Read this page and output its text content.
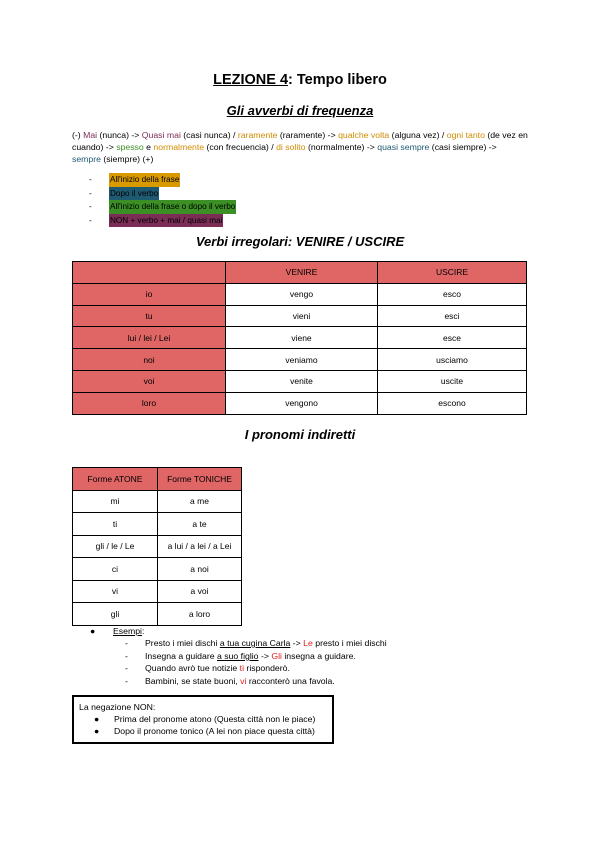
LEZIONE 4: Tempo libero
Gli avverbi di frequenza
(-) Mai (nunca) -> Quasi mai (casi nunca) / raramente (raramente) -> qualche volta (alguna vez) / ogni tanto (de vez en cuando) -> spesso e normalmente (con frecuencia) / di solito (normalmente) -> quasi sempre (casi siempre) -> sempre (siempre) (+)
-	All'inizio della frase
-	Dopo il verbo
-	All'inizio della frase o dopo il verbo
-	NON + verbo + mai / quasi mai
Verbi irregolari: VENIRE / USCIRE
	VENIRE	USCIRE
io	vengo	esco
tu	vieni	esci
lui / lei / Lei	viene	esce
noi	veniamo	usciamo
voi	venite	uscite
loro	vengono	escono
I pronomi indiretti
Forme ATONE	Forme TONICHE
mi	a me
ti	a te
gli / le / Le	a lui / a lei / a Lei
ci	a noi
vi	a voi
gli	a loro
●	Esempi :
- Presto i miei dischi a tua cugina Carla -> Le presto i miei dischi
- Insegna a guidare a suo figlio -> Gli insegna a guidare.
- Quando avrò tue notizie ti risponderò.
- Bambini, se state buoni, vi racconterò una favola.
La negazione NON:
● Prima del pronome atono (Questa città non le piace)
● Dopo il pronome tonico (A lei non piace questa città)
